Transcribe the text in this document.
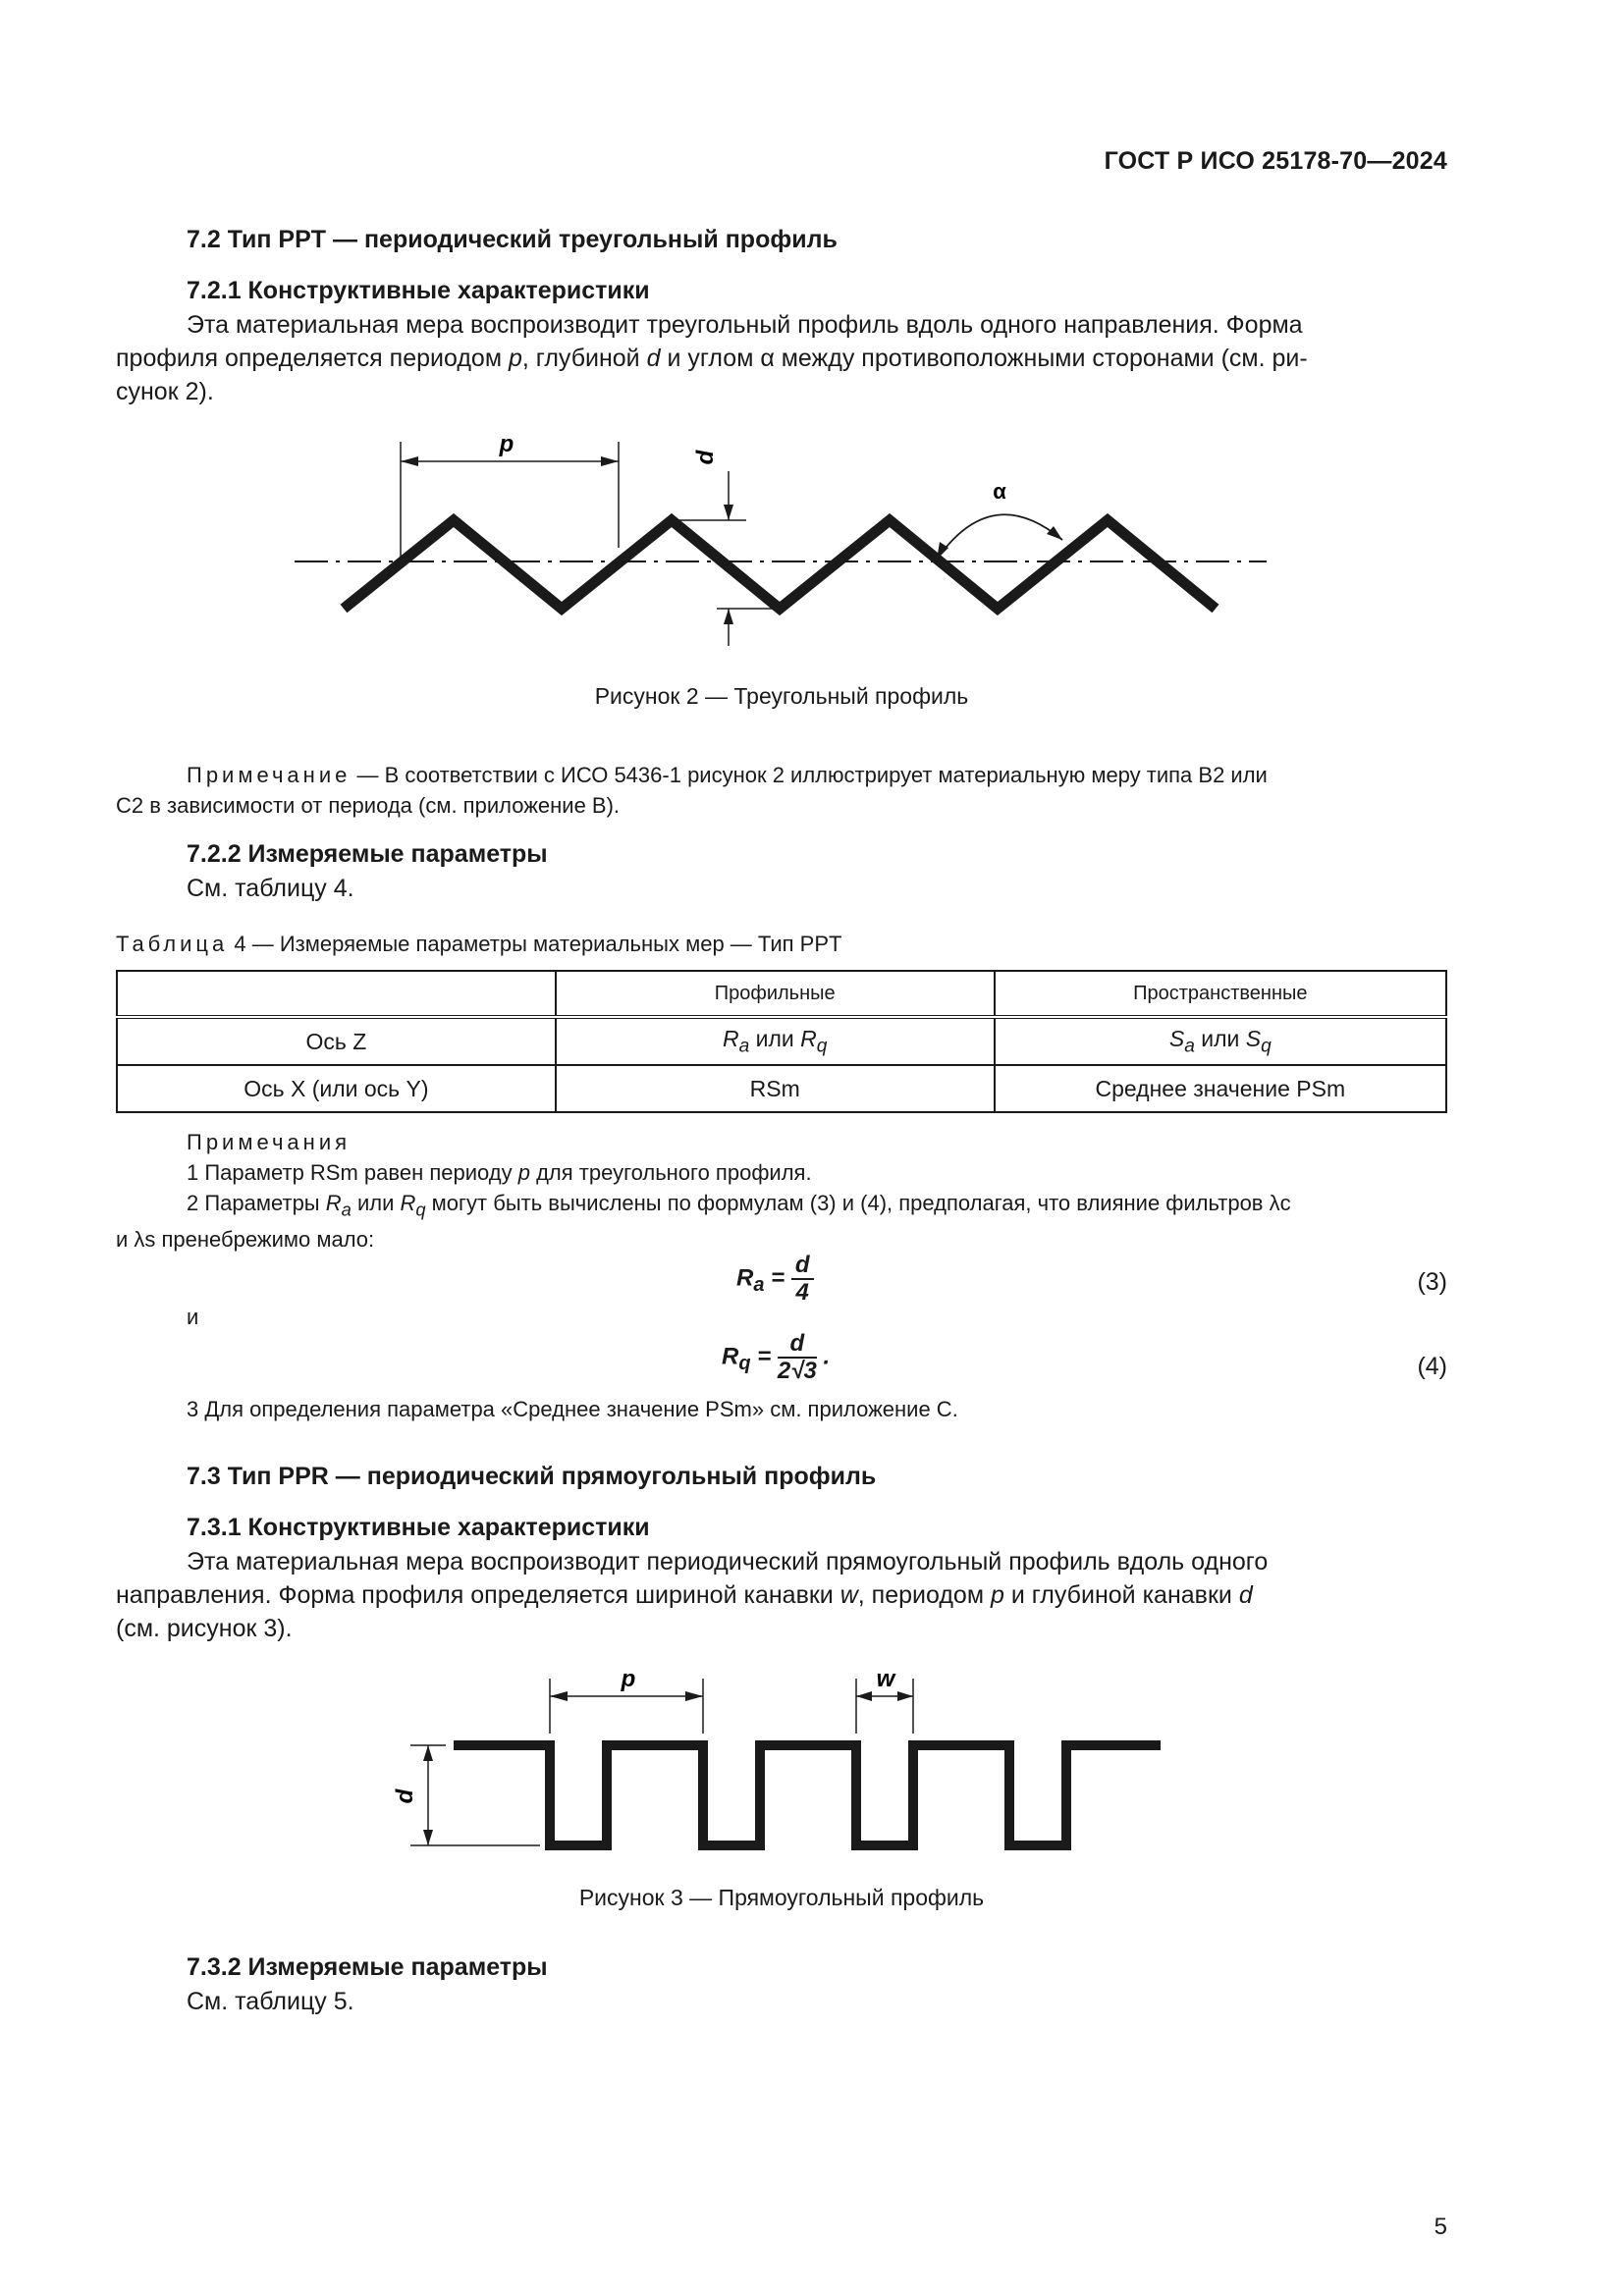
ГОСТ Р ИСО 25178-70—2024
7.2 Тип PPT — периодический треугольный профиль
7.2.1 Конструктивные характеристики
Эта материальная мера воспроизводит треугольный профиль вдоль одного направления. Форма
профиля определяется периодом p, глубиной d и углом α между противоположными сторонами (см. ри-
сунок 2).
p	d
α
Рисунок 2 — Треугольный профиль
Примечание — В соответствии с ИСО 5436-1 рисунок 2 иллюстрирует материальную меру типа B2 или
C2 в зависимости от периода (см. приложение B).
7.2.2 Измеряемые параметры
См. таблицу 4.
Таблица 4 — Измеряемые параметры материальных мер — Тип PPT
	Профильные	Пространственные
Ось Z	$R_a$ или $R_q$	$S_a$ или $S_q$
Ось X (или ось Y)	RSm	Среднее значение PSm
Примечания
1 Параметр RSm равен периоду p для треугольного профиля.
2 Параметры $R_a$ или $R_q$ могут быть вычислены по формулам (3) и (4), предполагая, что влияние фильтров λc
и λs пренебрежимо мало:
$R_a = \frac{d}{4}$	(3)
и
$R_q = \frac{d}{2√3}$ .	(4)
3 Для определения параметра «Среднее значение PSm» см. приложение C.
7.3 Тип PPR — периодический прямоугольный профиль
7.3.1 Конструктивные характеристики
Эта материальная мера воспроизводит периодический прямоугольный профиль вдоль одного
направления. Форма профиля определяется шириной канавки w, периодом p и глубиной канавки d
(см. рисунок 3).
p	w
d
Рисунок 3 — Прямоугольный профиль
7.3.2 Измеряемые параметры
См. таблицу 5.
5
